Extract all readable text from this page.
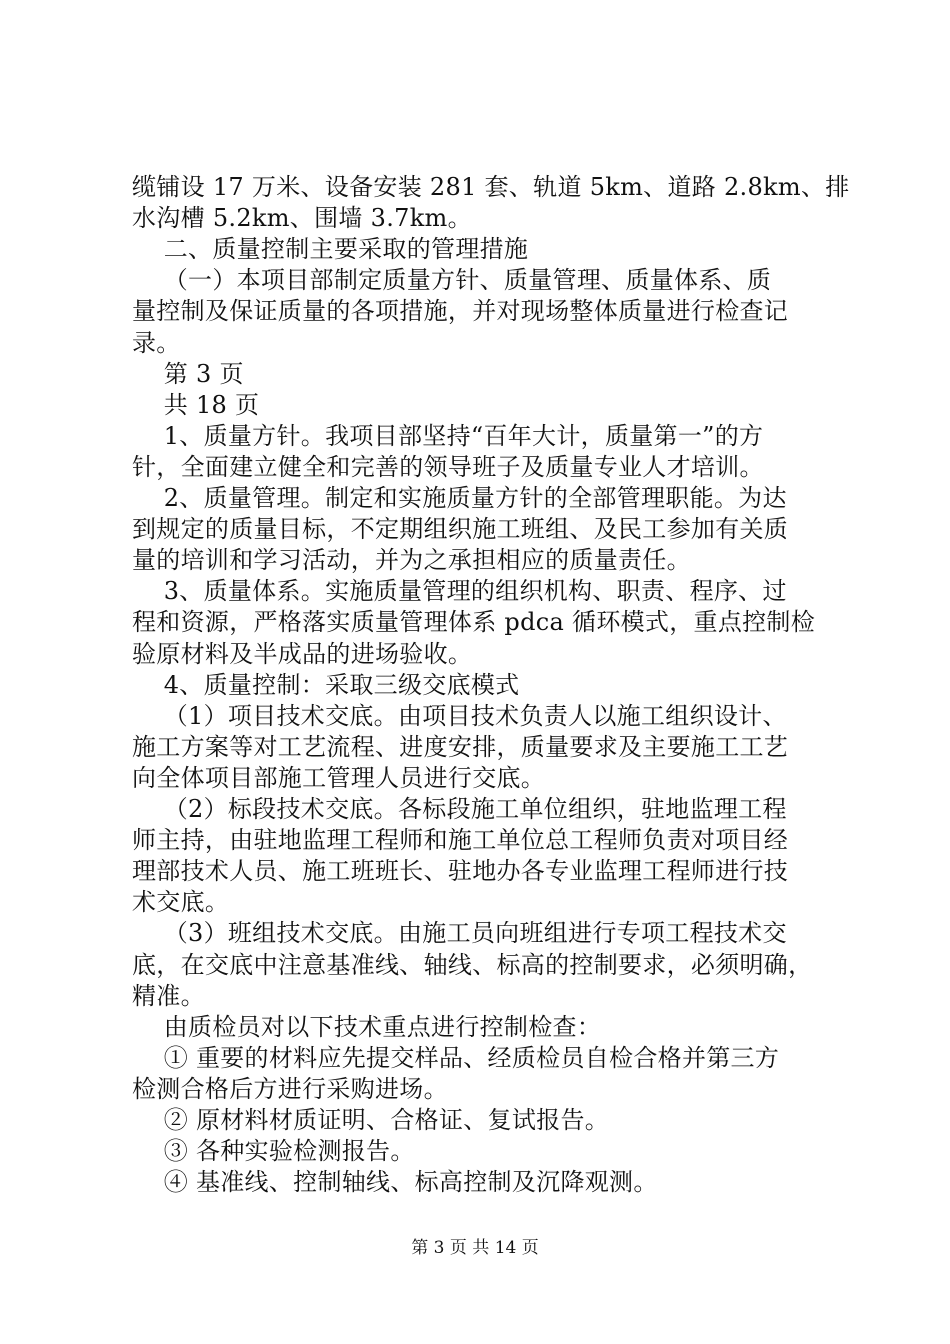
缆铺设 17 万米、设备安装 281 套、轨道 5km、道路 2.8km、排
水沟槽 5.2km、围墙 3.7km。
二、质量控制主要采取的管理措施
（一）本项目部制定质量方针、质量管理、质量体系、质
量控制及保证质量的各项措施，并对现场整体质量进行检查记
录。
第 3 页
共 18 页
1、质量方针。我项目部坚持“百年大计，质量第一”的方
针，全面建立健全和完善的领导班子及质量专业人才培训。
2、质量管理。制定和实施质量方针的全部管理职能。为达
到规定的质量目标，不定期组织施工班组、及民工参加有关质
量的培训和学习活动，并为之承担相应的质量责任。
3、质量体系。实施质量管理的组织机构、职责、程序、过
程和资源，严格落实质量管理体系 pdca 循环模式，重点控制检
验原材料及半成品的进场验收。
4、质量控制：采取三级交底模式
（1）项目技术交底。由项目技术负责人以施工组织设计、
施工方案等对工艺流程、进度安排，质量要求及主要施工工艺
向全体项目部施工管理人员进行交底。
（2）标段技术交底。各标段施工单位组织，驻地监理工程
师主持，由驻地监理工程师和施工单位总工程师负责对项目经
理部技术人员、施工班班长、驻地办各专业监理工程师进行技
术交底。
（3）班组技术交底。由施工员向班组进行专项工程技术交
底，在交底中注意基准线、轴线、标高的控制要求，必须明确，
精准。
由质检员对以下技术重点进行控制检查：
① 重要的材料应先提交样品、经质检员自检合格并第三方
检测合格后方进行采购进场。
② 原材料材质证明、合格证、复试报告。
③ 各种实验检测报告。
④ 基准线、控制轴线、标高控制及沉降观测。
第 3 页 共 14 页
